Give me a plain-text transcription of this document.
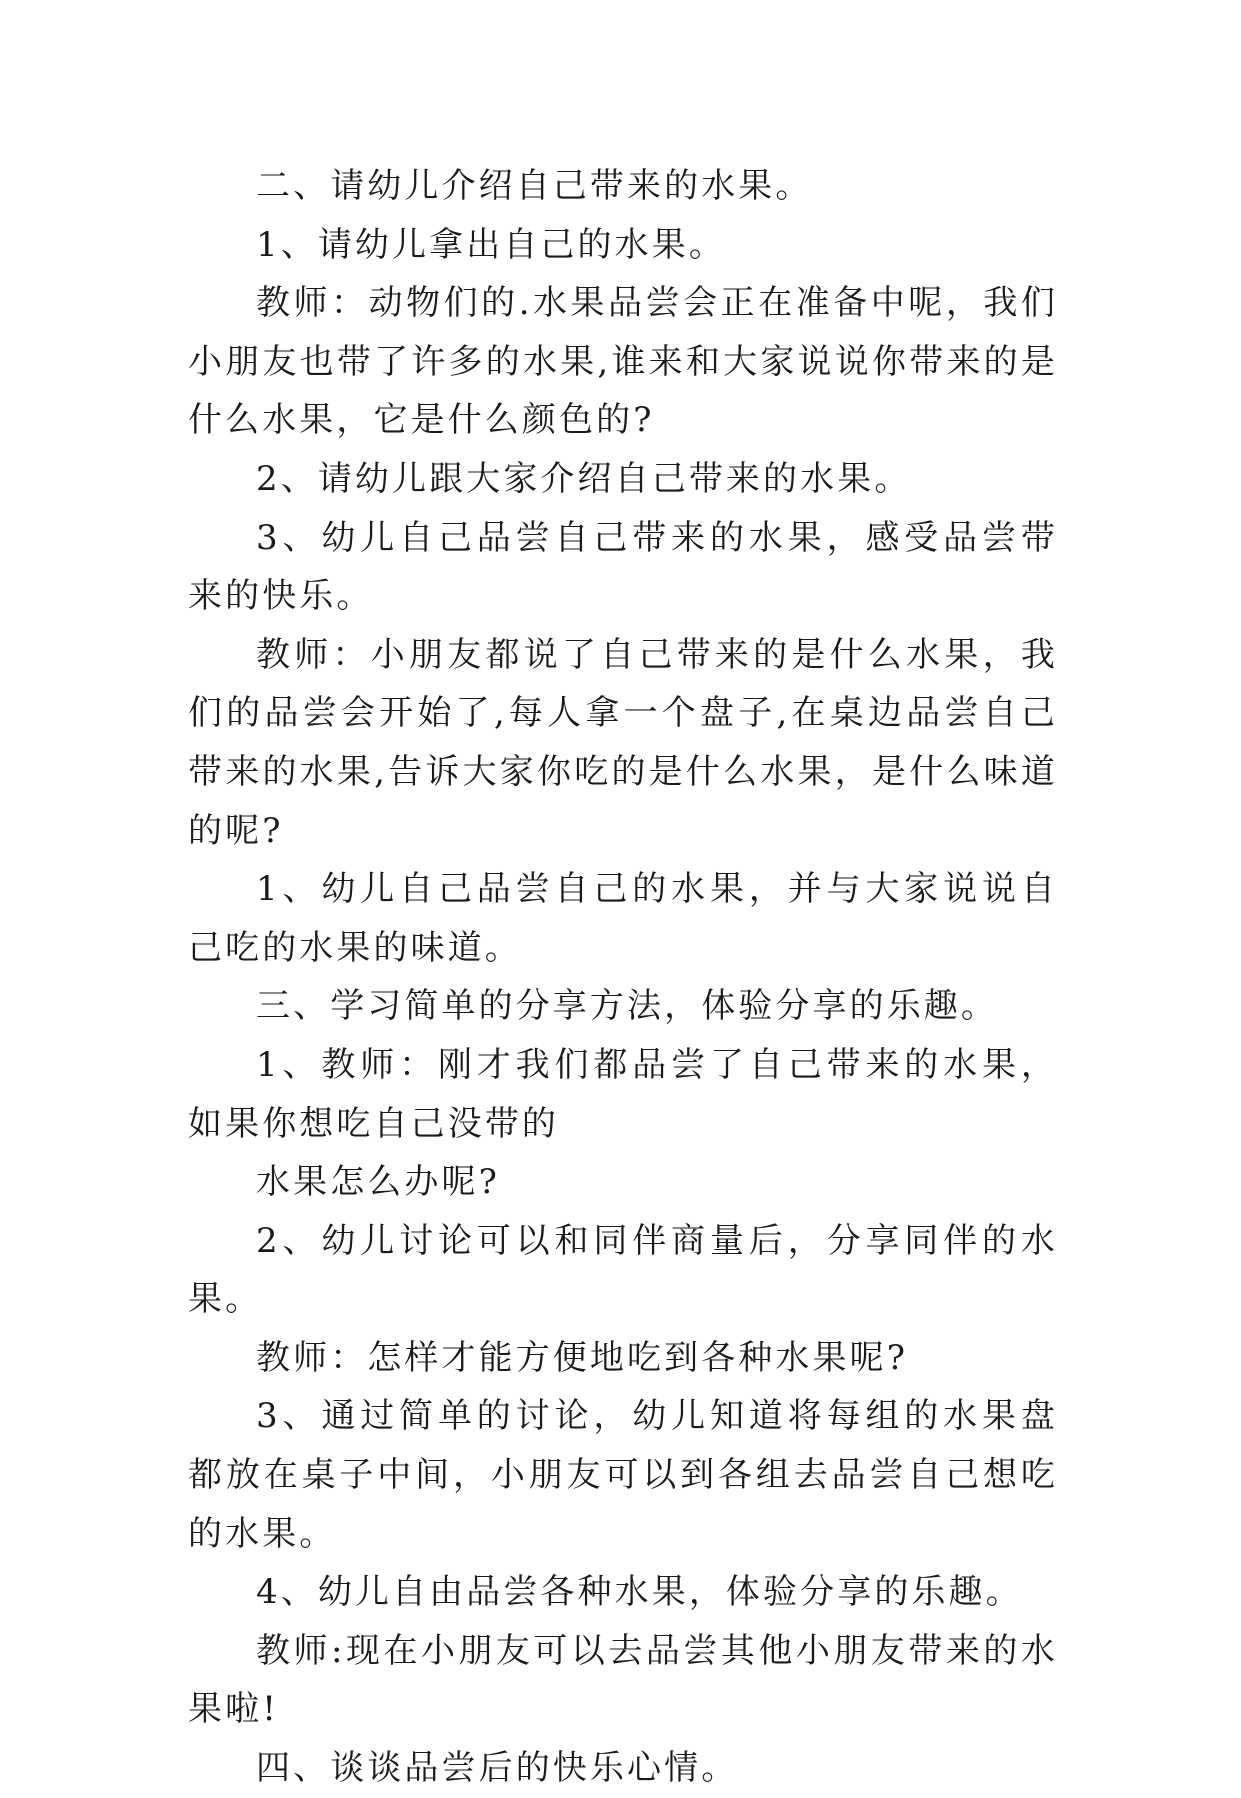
二、请幼儿介绍自己带来的水果。

1、请幼儿拿出自己的水果。

教师：动物们的.水果品尝会正在准备中呢，我们小朋友也带了许多的水果,谁来和大家说说你带来的是什么水果，它是什么颜色的?

2、请幼儿跟大家介绍自己带来的水果。

3、幼儿自己品尝自己带来的水果，感受品尝带来的快乐。

教师：小朋友都说了自己带来的是什么水果，我们的品尝会开始了,每人拿一个盘子,在桌边品尝自己带来的水果,告诉大家你吃的是什么水果，是什么味道的呢?

1、幼儿自己品尝自己的水果，并与大家说说自己吃的水果的味道。

三、学习简单的分享方法，体验分享的乐趣。

1、教师：刚才我们都品尝了自己带来的水果，如果你想吃自己没带的

水果怎么办呢?

2、幼儿讨论可以和同伴商量后，分享同伴的水果。

教师：怎样才能方便地吃到各种水果呢?

3、通过简单的讨论，幼儿知道将每组的水果盘都放在桌子中间，小朋友可以到各组去品尝自己想吃的水果。

4、幼儿自由品尝各种水果，体验分享的乐趣。

教师:现在小朋友可以去品尝其他小朋友带来的水果啦!

四、谈谈品尝后的快乐心情。
